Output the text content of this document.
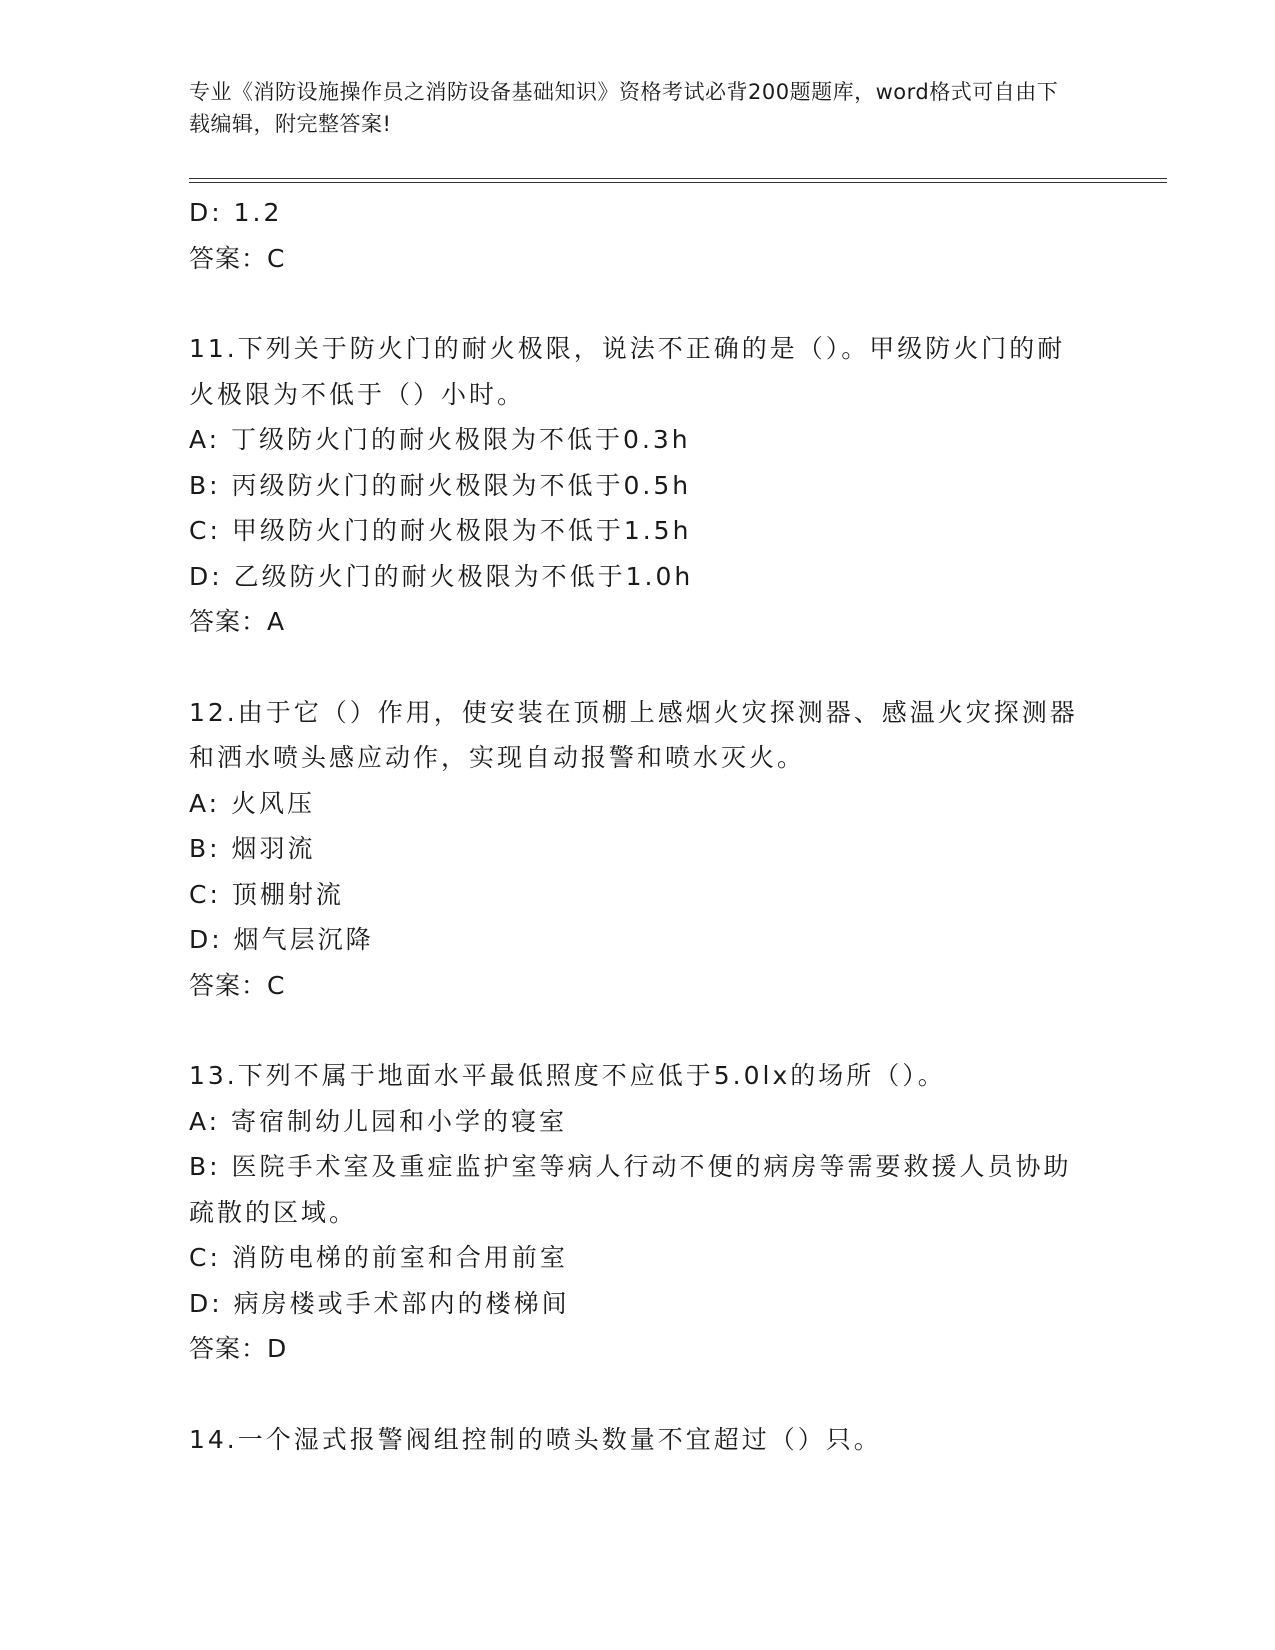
专业《消防设施操作员之消防设备基础知识》资格考试必背200题题库，word格式可自由下载编辑，附完整答案!
D: 1.2
答案：C
11.下列关于防火门的耐火极限，说法不正确的是（）。甲级防火门的耐火极限为不低于（）小时。
A: 丁级防火门的耐火极限为不低于0.3h
B: 丙级防火门的耐火极限为不低于0.5h
C: 甲级防火门的耐火极限为不低于1.5h
D: 乙级防火门的耐火极限为不低于1.0h
答案：A
12.由于它（）作用，使安装在顶棚上感烟火灾探测器、感温火灾探测器和洒水喷头感应动作，实现自动报警和喷水灭火。
A: 火风压
B: 烟羽流
C: 顶棚射流
D: 烟气层沉降
答案：C
13.下列不属于地面水平最低照度不应低于5.0lx的场所（）。
A: 寄宿制幼儿园和小学的寝室
B: 医院手术室及重症监护室等病人行动不便的病房等需要救援人员协助疏散的区域。
C: 消防电梯的前室和合用前室
D: 病房楼或手术部内的楼梯间
答案：D
14.一个湿式报警阀组控制的喷头数量不宜超过（）只。
